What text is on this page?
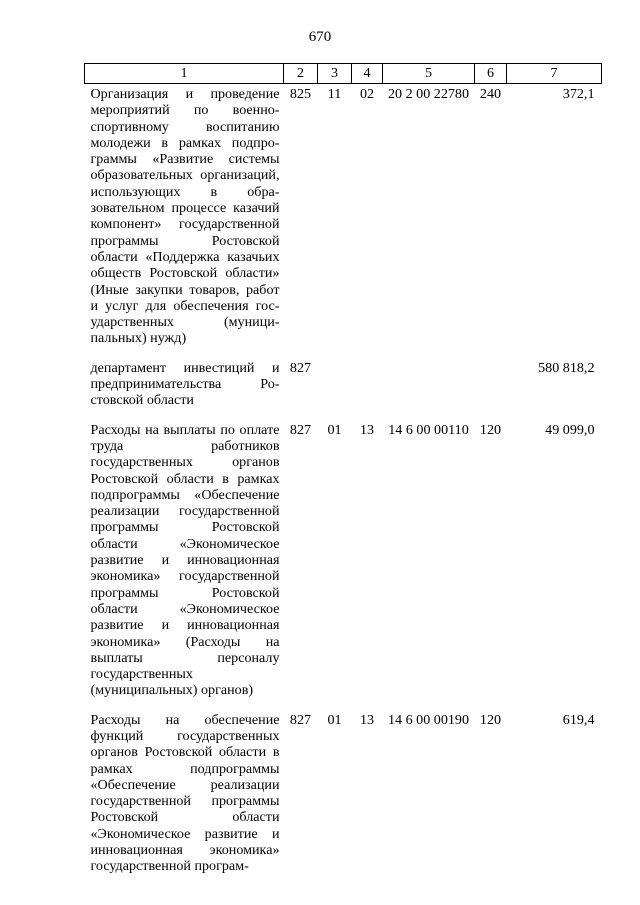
670
1	2	3	4	5	6	7
Организация и проведение мероприятий по военно-спортивному воспитанию молодежи в рамках подпрограммы «Развитие системы образовательных организаций, использующих в образовательном процессе казачий компонент» государственной программы Ростовской области «Поддержка казачьих обществ Ростовской области» (Иные закупки товаров, работ и услуг для обеспечения государственных (муниципальных) нужд)	825	11	02	20 2 00 22780	240	372,1
департамент инвестиций и предпринимательства Ростовской области	827					580 818,2
Расходы на выплаты по оплате труда работников государственных органов Ростовской области в рамках подпрограммы «Обеспечение реализации государственной программы Ростовской области «Экономическое развитие и инновационная экономика» государственной программы Ростовской области «Экономическое развитие и инновационная экономика» (Расходы на выплаты персоналу государственных (муниципальных) органов)	827	01	13	14 6 00 00110	120	49 099,0
Расходы на обеспечение функций государственных органов Ростовской области в рамках подпрограммы «Обеспечение реализации государственной программы Ростовской области «Экономическое развитие и инновационная экономика» государственной програм-	827	01	13	14 6 00 00190	120	619,4
